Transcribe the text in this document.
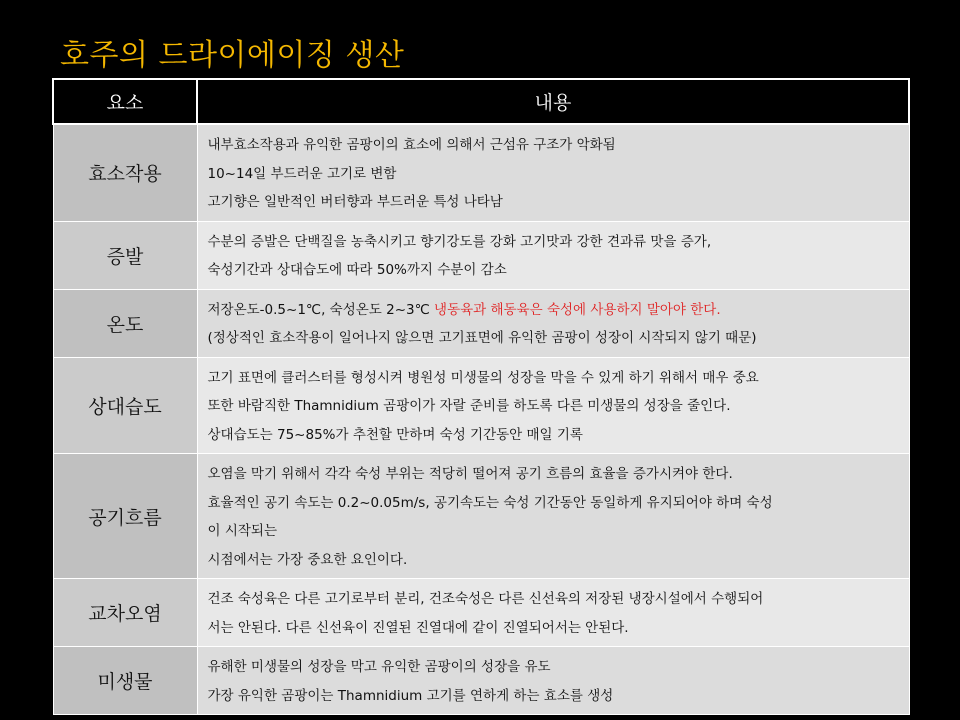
호주의 드라이에이징 생산
요소	내용
효소작용	내부효소작용과 유익한 곰팡이의 효소에 의해서 근섬유 구조가 악화됨
10~14일 부드러운 고기로 변함
고기향은 일반적인 버터향과 부드러운 특성 나타남

증발	수분의 증발은 단백질을 농축시키고 향기강도를 강화 고기맛과 강한 견과류 맛을 증가,
숙성기간과 상대습도에 따라 50%까지 수분이 감소

온도	저장온도-0.5~1℃, 숙성온도 2~3℃ 냉동육과 해동육은 숙성에 사용하지 말아야 한다.
(정상적인 효소작용이 일어나지 않으면 고기표면에 유익한 곰팡이 성장이 시작되지 않기 때문)

상대습도	고기 표면에 클러스터를 형성시켜 병원성 미생물의 성장을 막을 수 있게 하기 위해서 매우 중요
또한 바람직한 Thamnidium 곰팡이가 자랄 준비를 하도록 다른 미생물의 성장을 줄인다.
상대습도는 75~85%가 추천할 만하며 숙성 기간동안 매일 기록

공기흐름	오염을 막기 위해서 각각 숙성 부위는 적당히 떨어져 공기 흐름의 효율을 증가시켜야 한다.
효율적인 공기 속도는 0.2~0.05m/s, 공기속도는 숙성 기간동안 동일하게 유지되어야 하며 숙성
이 시작되는
시점에서는 가장 중요한 요인이다.

교차오염	건조 숙성육은 다른 고기로부터 분리, 건조숙성은 다른 신선육의 저장된 냉장시설에서 수행되어
서는 안된다. 다른 신선육이 진열된 진열대에 같이 진열되어서는 안된다.

미생물	유해한 미생물의 성장을 막고 유익한 곰팡이의 성장을 유도
가장 유익한 곰팡이는 Thamnidium 고기를 연하게 하는 효소를 생성
